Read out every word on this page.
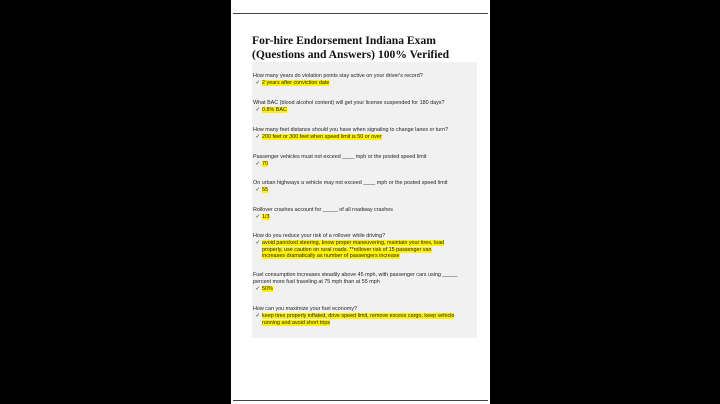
For-hire Endorsement Indiana Exam (Questions and Answers) 100% Verified
How many years do violation points stay active on your driver's record?
✓ 2 years after conviction date
What BAC (blood alcohol content) will get your license suspended for 180 days?
✓ 0.8% BAC
How many feet distance should you have when signaling to change lanes or turn?
✓ 200 feet or 300 feet when speed limit is 50 or over
Passenger vehicles must not exceed ____ mph or the posted speed limit
✓ 70
On urban highways a vehicle may not exceed ____ mph or the posted speed limit
✓ 55
Rollover crashes account for _____ of all roadway crashes
✓ 1/3
How do you reduce your risk of a rollover while driving?
✓ avoid panicked steering, know proper maneuvering, maintain your tires, load
properly, use caution on rural roads. **rollover risk of 15 passenger van
increases dramatically as number of passengers increase
Fuel consumption increases steadily above 45 mph, with passenger cars using _____
percent more fuel traveling at 75 mph than at 55 mph
✓ 50%
How can you maximize your fuel economy?
✓ keep tires properly inflated, drive speed limit, remove excess cargo, keep vehicle
running and avoid short trips
